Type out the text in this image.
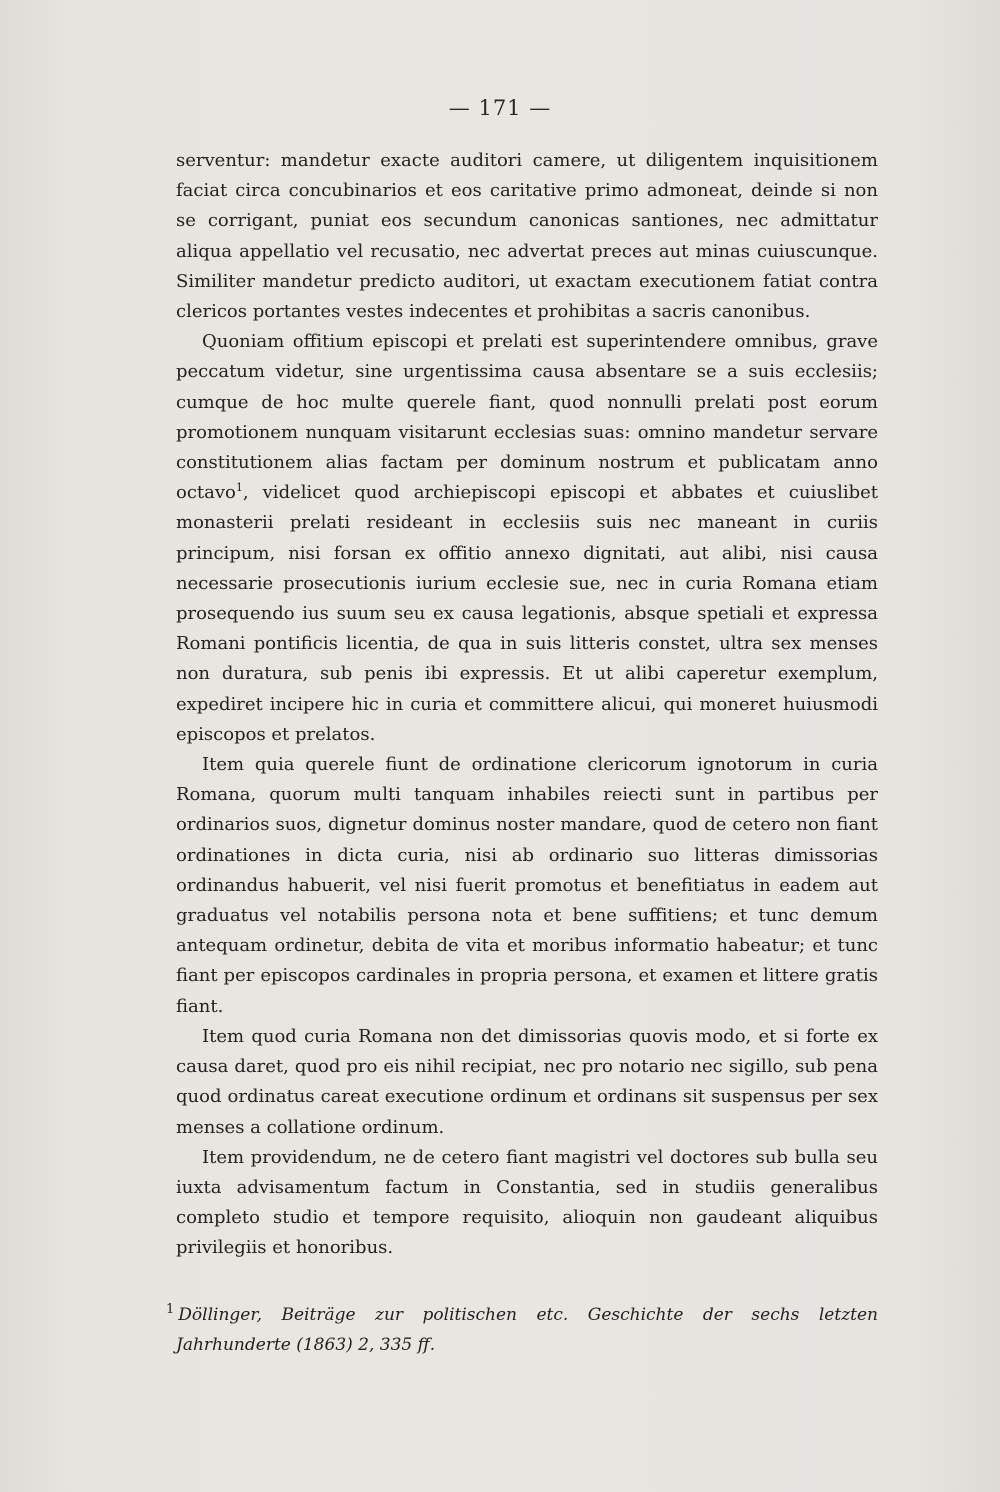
— 171 —

serventur: mandetur exacte auditori camere, ut diligentem inquisitionem faciat circa concubinarios et eos caritative primo admoneat, deinde si non se corrigant, puniat eos secundum canonicas santiones, nec admittatur aliqua appellatio vel recusatio, nec advertat preces aut minas cuiuscunque. Similiter mandetur predicto auditori, ut exactam executionem fatiat contra clericos portantes vestes indecentes et prohibitas a sacris canonibus.

Quoniam offitium episcopi et prelati est superintendere omnibus, grave peccatum videtur, sine urgentissima causa absentare se a suis ecclesiis; cumque de hoc multe querele fiant, quod nonnulli prelati post eorum promotionem nunquam visitarunt ecclesias suas: omnino mandetur servare constitutionem alias factam per dominum nostrum et publicatam anno octavo$^1$, videlicet quod archiepiscopi episcopi et abbates et cuiuslibet monasterii prelati resideant in ecclesiis suis nec maneant in curiis principum, nisi forsan ex offitio annexo dignitati, aut alibi, nisi causa necessarie prosecutionis iurium ecclesie sue, nec in curia Romana etiam prosequendo ius suum seu ex causa legationis, absque spetiali et expressa Romani pontificis licentia, de qua in suis litteris constet, ultra sex menses non duratura, sub penis ibi expressis. Et ut alibi caperetur exemplum, expediret incipere hic in curia et committere alicui, qui moneret huiusmodi episcopos et prelatos.

Item quia querele fiunt de ordinatione clericorum ignotorum in curia Romana, quorum multi tanquam inhabiles reiecti sunt in partibus per ordinarios suos, dignetur dominus noster mandare, quod de cetero non fiant ordinationes in dicta curia, nisi ab ordinario suo litteras dimissorias ordinandus habuerit, vel nisi fuerit promotus et benefitiatus in eadem aut graduatus vel notabilis persona nota et bene suffitiens; et tunc demum antequam ordinetur, debita de vita et moribus informatio habeatur; et tunc fiant per episcopos cardinales in propria persona, et examen et littere gratis fiant.

Item quod curia Romana non det dimissorias quovis modo, et si forte ex causa daret, quod pro eis nihil recipiat, nec pro notario nec sigillo, sub pena quod ordinatus careat executione ordinum et ordinans sit suspensus per sex menses a collatione ordinum.

Item providendum, ne de cetero fiant magistri vel doctores sub bulla seu iuxta advisamentum factum in Constantia, sed in studiis generalibus completo studio et tempore requisito, alioquin non gaudeant aliquibus privilegiis et honoribus.

$^1$ Döllinger, Beiträge zur politischen etc. Geschichte der sechs letzten Jahrhunderte (1863) 2, 335 ff.
